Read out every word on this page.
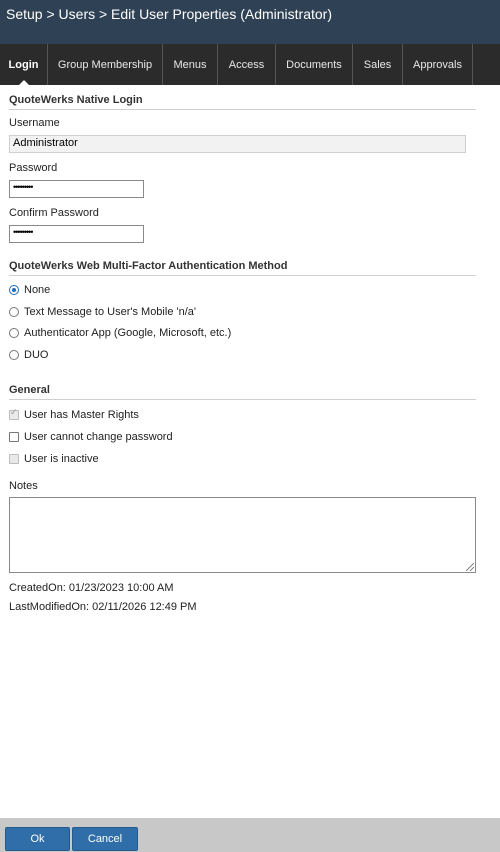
Setup > Users > Edit User Properties (Administrator)
Login	Group Membership	Menus	Access	Documents	Sales	Approvals
QuoteWerks Native Login
Username
Administrator
Password
•••••••••
Confirm Password
•••••••••
QuoteWerks Web Multi-Factor Authentication Method
None
Text Message to User's Mobile 'n/a'
Authenticator App (Google, Microsoft, etc.)
DUO
General
✓
User has Master Rights
User cannot change password
User is inactive
Notes
CreatedOn: 01/23/2023 10:00 AM
LastModifiedOn: 02/11/2026 12:49 PM
Ok	Cancel
